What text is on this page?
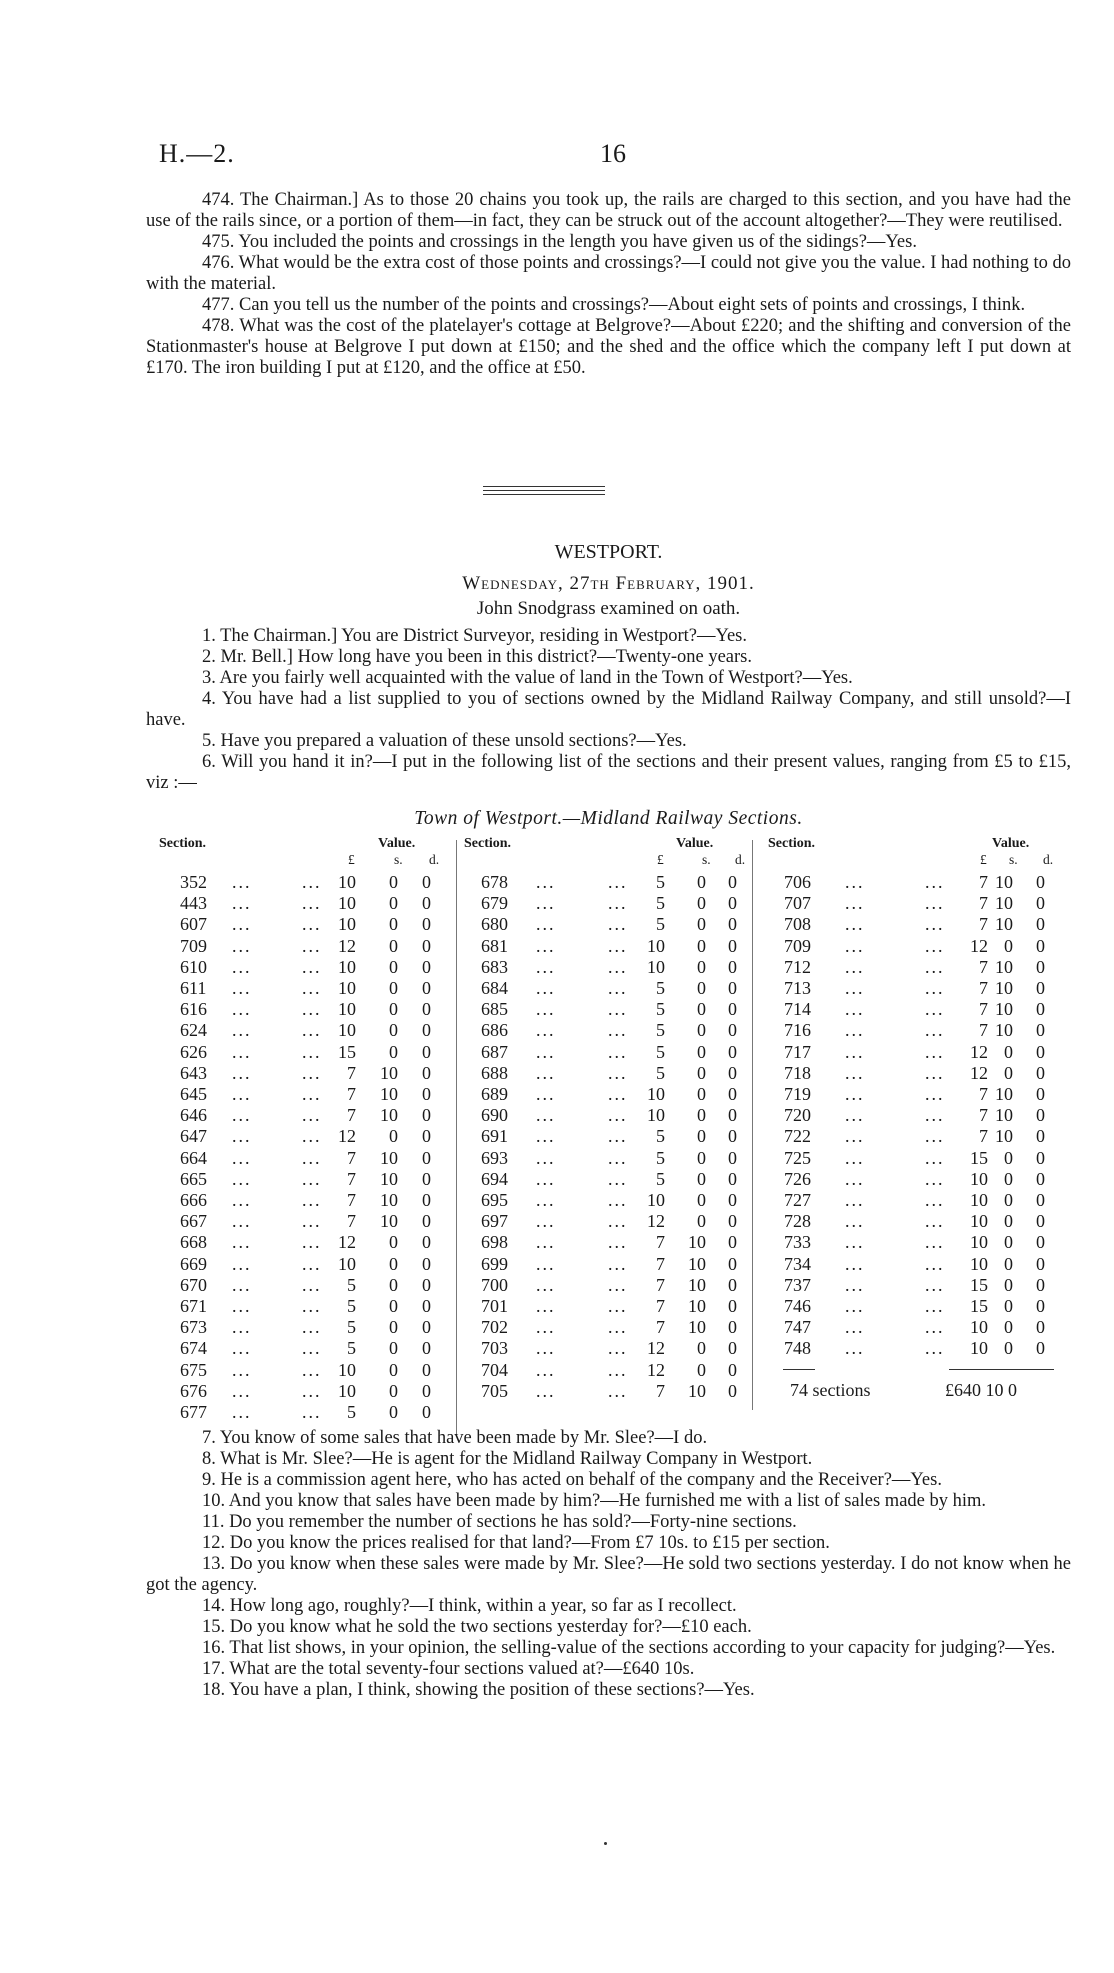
H.—2.	16

474. The Chairman.] As to those 20 chains you took up, the rails are charged to this section, and you have had the use of the rails since, or a portion of them—in fact, they can be struck out of the account altogether?—They were reutilised.

475. You included the points and crossings in the length you have given us of the sidings?—Yes.

476. What would be the extra cost of those points and crossings?—I could not give you the value. I had nothing to do with the material.

477. Can you tell us the number of the points and crossings?—About eight sets of points and crossings, I think.

478. What was the cost of the platelayer's cottage at Belgrove?—About £220; and the shifting and conversion of the Stationmaster's house at Belgrove I put down at £150; and the shed and the office which the company left I put down at £170. The iron building I put at £120, and the office at £50.

WESTPORT.
Wednesday, 27th February, 1901.
John Snodgrass examined on oath.

1. The Chairman.] You are District Surveyor, residing in Westport?—Yes.

2. Mr. Bell.] How long have you been in this district?—Twenty-one years.

3. Are you fairly well acquainted with the value of land in the Town of Westport?—Yes.

4. You have had a list supplied to you of sections owned by the Midland Railway Company, and still unsold?—I have.

5. Have you prepared a valuation of these unsold sections?—Yes.

6. Will you hand it in?—I put in the following list of the sections and their present values, ranging from £5 to £15, viz :—

Town of Westport.—Midland Railway Sections.
Section.	Value.
£	s. d.
352 ...	... 10 0 0
443 ...	... 10 0 0
607 ...	... 10 0 0
709 ...	... 12 0 0
610 ...	... 10 0 0
611 ...	... 10 0 0
616 ...	... 10 0 0
624 ...	... 10 0 0
626 ...	... 15 0 0
643 ...	... 7 10 0
645 ...	... 7 10 0
646 ...	... 7 10 0
647 ...	... 12 0 0
664 ...	... 7 10 0
665 ...	... 7 10 0
666 ...	... 7 10 0
667 ...	... 7 10 0
668 ...	... 12 0 0
669 ...	... 10 0 0
670 ...	... 5 0 0
671 ...	... 5 0 0
673 ...	... 5 0 0
674 ...	... 5 0 0
675 ...	... 10 0 0
676 ...	... 10 0 0
677 ...	... 5 0 0
Section.	Value.
£	s. d.
678 ...	... 5 0 0
679 ...	... 5 0 0
680 ...	... 5 0 0
681 ...	... 10 0 0
683 ...	... 10 0 0
684 ...	... 5 0 0
685 ...	... 5 0 0
686 ...	... 5 0 0
687 ...	... 5 0 0
688 ...	... 5 0 0
689 ...	... 10 0 0
690 ...	... 10 0 0
691 ...	... 5 0 0
693 ...	... 5 0 0
694 ...	... 5 0 0
695 ...	... 10 0 0
697 ...	... 12 0 0
698 ...	... 7 10 0
699 ...	... 7 10 0
700 ...	... 7 10 0
701 ...	... 7 10 0
702 ...	... 7 10 0
703 ...	... 12 0 0
704 ...	... 12 0 0
705 ...	... 7 10 0
Section.	Value.
£ s. d.
706 ...	... 7 10 0
707 ...	... 7 10 0
708 ...	... 7 10 0
709 ...	... 12 0 0
712 ...	... 7 10 0
713 ...	... 7 10 0
714 ...	... 7 10 0
716 ...	... 7 10 0
717 ...	... 12 0 0
718 ...	... 12 0 0
719 ...	... 7 10 0
720 ...	... 7 10 0
722 ...	... 7 10 0
725 ...	... 15 0 0
726 ...	... 10 0 0
727 ...	... 10 0 0
728 ...	... 10 0 0
733 ...	... 10 0 0
734 ...	... 10 0 0
737 ...	... 15 0 0
746 ...	... 15 0 0
747 ...	... 10 0 0
748 ...	... 10 0 0
74 sections	£640 10 0

7. You know of some sales that have been made by Mr. Slee?—I do.

8. What is Mr. Slee?—He is agent for the Midland Railway Company in Westport.

9. He is a commission agent here, who has acted on behalf of the company and the Receiver?—Yes.

10. And you know that sales have been made by him?—He furnished me with a list of sales made by him.

11. Do you remember the number of sections he has sold?—Forty-nine sections.

12. Do you know the prices realised for that land?—From £7 10s. to £15 per section.

13. Do you know when these sales were made by Mr. Slee?—He sold two sections yesterday. I do not know when he got the agency.

14. How long ago, roughly?—I think, within a year, so far as I recollect.

15. Do you know what he sold the two sections yesterday for?—£10 each.

16. That list shows, in your opinion, the selling-value of the sections according to your capacity for judging?—Yes.

17. What are the total seventy-four sections valued at?—£640 10s.

18. You have a plan, I think, showing the position of these sections?—Yes.
